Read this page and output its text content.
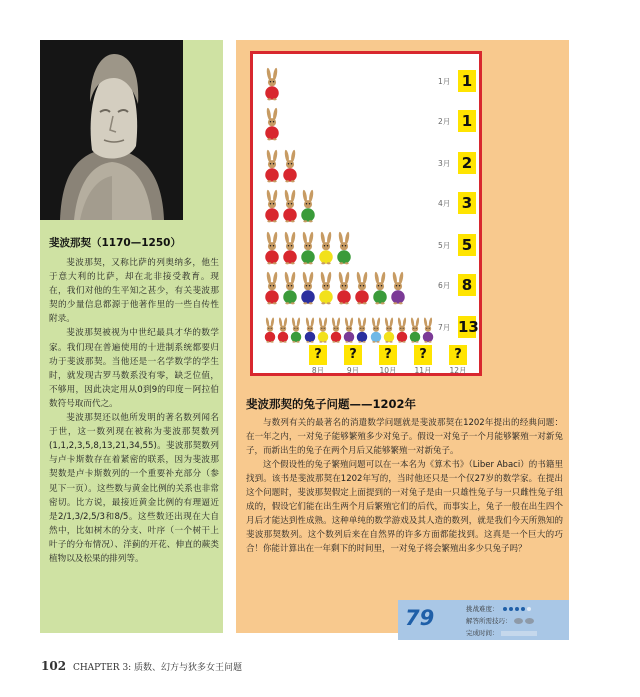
斐波那契（1170—1250）

斐波那契，又称比萨的列奥纳多，他生于意大利的比萨，却在北非接受教育。现在，我们对他的生平知之甚少，有关斐波那契的少量信息都源于他著作里的一些自传性附录。

斐波那契被视为中世纪最具才华的数学家。我们现在普遍使用的十进制系统都要归功于斐波那契。当他还是一名学数学的学生时，就发现古罗马数系没有零，缺乏位值，不够用，因此决定用从0到9的印度－阿拉伯数符号取而代之。

斐波那契还以他所发明的著名数列闻名于世，这一数列现在被称为斐波那契数列(1,1,2,3,5,8,13,21,34,55)。斐波那契数列与卢卡斯数存在着紧密的联系，因为斐波那契数是卢卡斯数列的一个重要补充部分（参见下一页）。这些数与黄金比例的关系也非常密切。比方说，最接近黄金比例的有理逼近是2/1,3/2,5/3和8/5。这些数还出现在大自然中，比如树木的分支、叶序（一个树干上叶子的分布情况）、洋蓟的开花、伸直的蕨类植物以及松果的排列等。

1月 1
2月 1
3月 2
4月 3
5月 5
6月 8
7月 13
?
8月
?
9月
?
10月
?
11月
?
12月
斐波那契的兔子问题——1202年

与数列有关的最著名的消遣数学问题就是斐波那契在1202年提出的经典问题：在一年之内，一对兔子能够繁殖多少对兔子。假设一对兔子一个月能够繁殖一对新兔子，而新出生的兔子在两个月后又能够繁殖一对新兔子。

这个假设性的兔子繁殖问题可以在一本名为《算术书》（Liber Abaci）的书籍里找到。该书是斐波那契在1202年写的，当时他还只是一个仅27岁的数学家。在提出这个问题时，斐波那契假定上面提到的一对兔子是由一只雄性兔子与一只雌性兔子组成的，假设它们能在出生两个月后繁殖它们的后代，而事实上，兔子一般在出生四个月后才能达到性成熟。这种单纯的数学游戏及其人造的数列，就是我们今天所熟知的斐波那契数列。这个数列后来在自然界的许多方面都能找到。这真是一个巨大的巧合！你能计算出在一年剩下的时间里，一对兔子将会繁殖出多少只兔子吗？

79	挑战难度：
解答所需技巧：
完成时间：
102 CHAPTER 3: 质数、幻方与狄多女王问题
